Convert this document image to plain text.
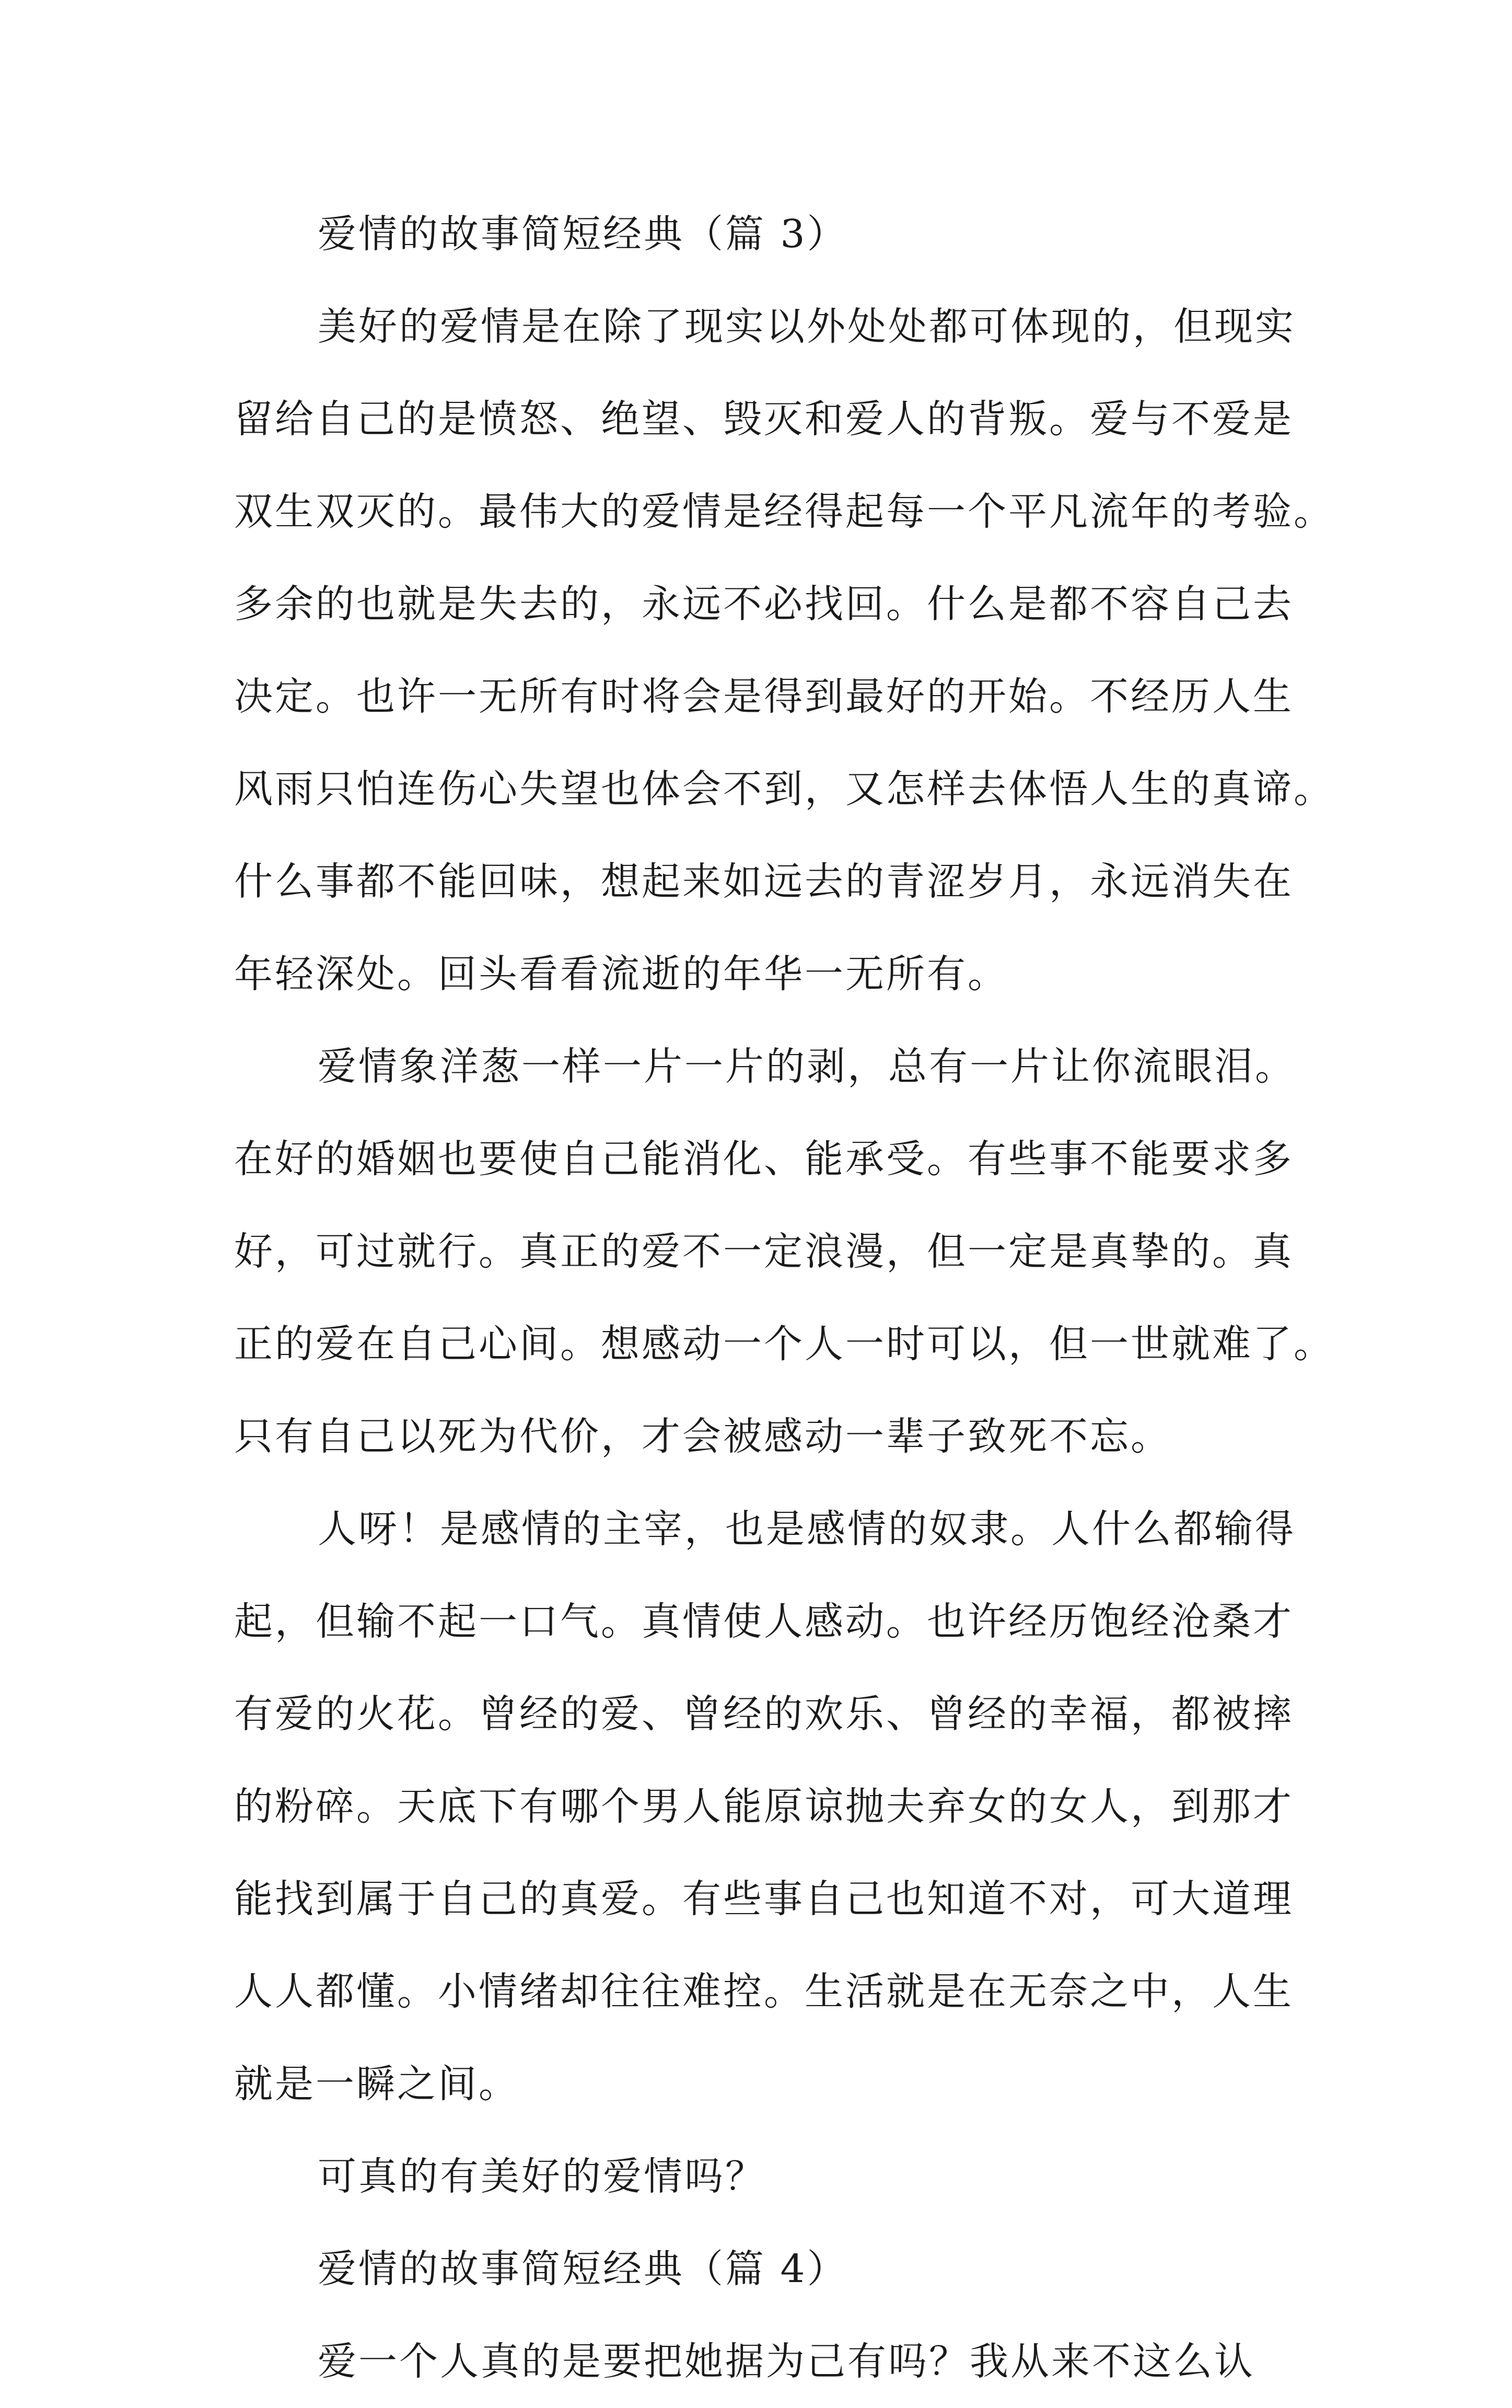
爱情的故事简短经典（篇 3）
美好的爱情是在除了现实以外处处都可体现的，但现实
留给自己的是愤怒、绝望、毁灭和爱人的背叛。爱与不爱是
双生双灭的。最伟大的爱情是经得起每一个平凡流年的考验。
多余的也就是失去的，永远不必找回。什么是都不容自己去
决定。也许一无所有时将会是得到最好的开始。不经历人生
风雨只怕连伤心失望也体会不到，又怎样去体悟人生的真谛。
什么事都不能回味，想起来如远去的青涩岁月，永远消失在
年轻深处。回头看看流逝的年华一无所有。
爱情象洋葱一样一片一片的剥，总有一片让你流眼泪。
在好的婚姻也要使自己能消化、能承受。有些事不能要求多
好，可过就行。真正的爱不一定浪漫，但一定是真挚的。真
正的爱在自己心间。想感动一个人一时可以，但一世就难了。
只有自己以死为代价，才会被感动一辈子致死不忘。
人呀！是感情的主宰，也是感情的奴隶。人什么都输得
起，但输不起一口气。真情使人感动。也许经历饱经沧桑才
有爱的火花。曾经的爱、曾经的欢乐、曾经的幸福，都被摔
的粉碎。天底下有哪个男人能原谅抛夫弃女的女人，到那才
能找到属于自己的真爱。有些事自己也知道不对，可大道理
人人都懂。小情绪却往往难控。生活就是在无奈之中，人生
就是一瞬之间。
可真的有美好的爱情吗？
爱情的故事简短经典（篇 4）
爱一个人真的是要把她据为己有吗？我从来不这么认
